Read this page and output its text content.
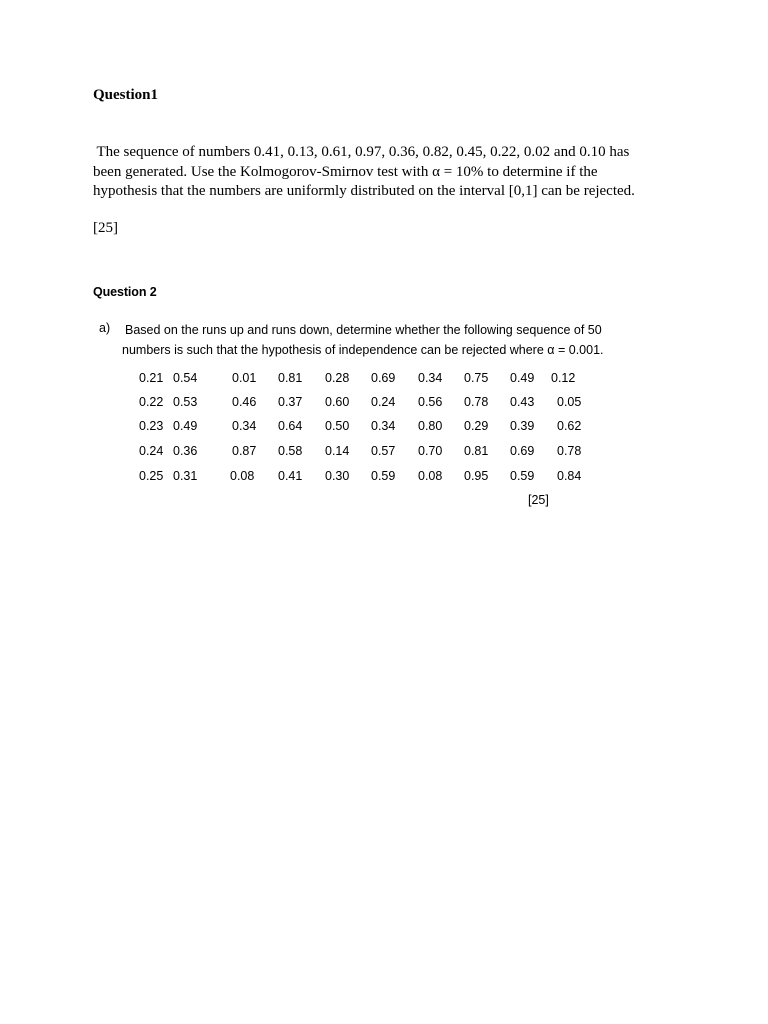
Question1
The sequence of numbers 0.41, 0.13, 0.61, 0.97, 0.36, 0.82, 0.45, 0.22, 0.02 and 0.10 has
been generated. Use the Kolmogorov-Smirnov test with α = 10% to determine if the
hypothesis that the numbers are uniformly distributed on the interval [0,1] can be rejected.
[25]
Question 2
a) Based on the runs up and runs down, determine whether the following sequence of 50
numbers is such that the hypothesis of independence can be rejected where α = 0.001.
0.21 0.54	0.01 0.81 0.28 0.69 0.34 0.75 0.49 0.12
0.22 0.53	0.46 0.37 0.60 0.24 0.56 0.78 0.43 0.05
0.23 0.49	0.34 0.64 0.50 0.34 0.80 0.29 0.39 0.62
0.24 0.36	0.87 0.58 0.14 0.57 0.70 0.81 0.69 0.78
0.25 0.31	0.08 0.41 0.30 0.59 0.08 0.95 0.59 0.84
[25]
